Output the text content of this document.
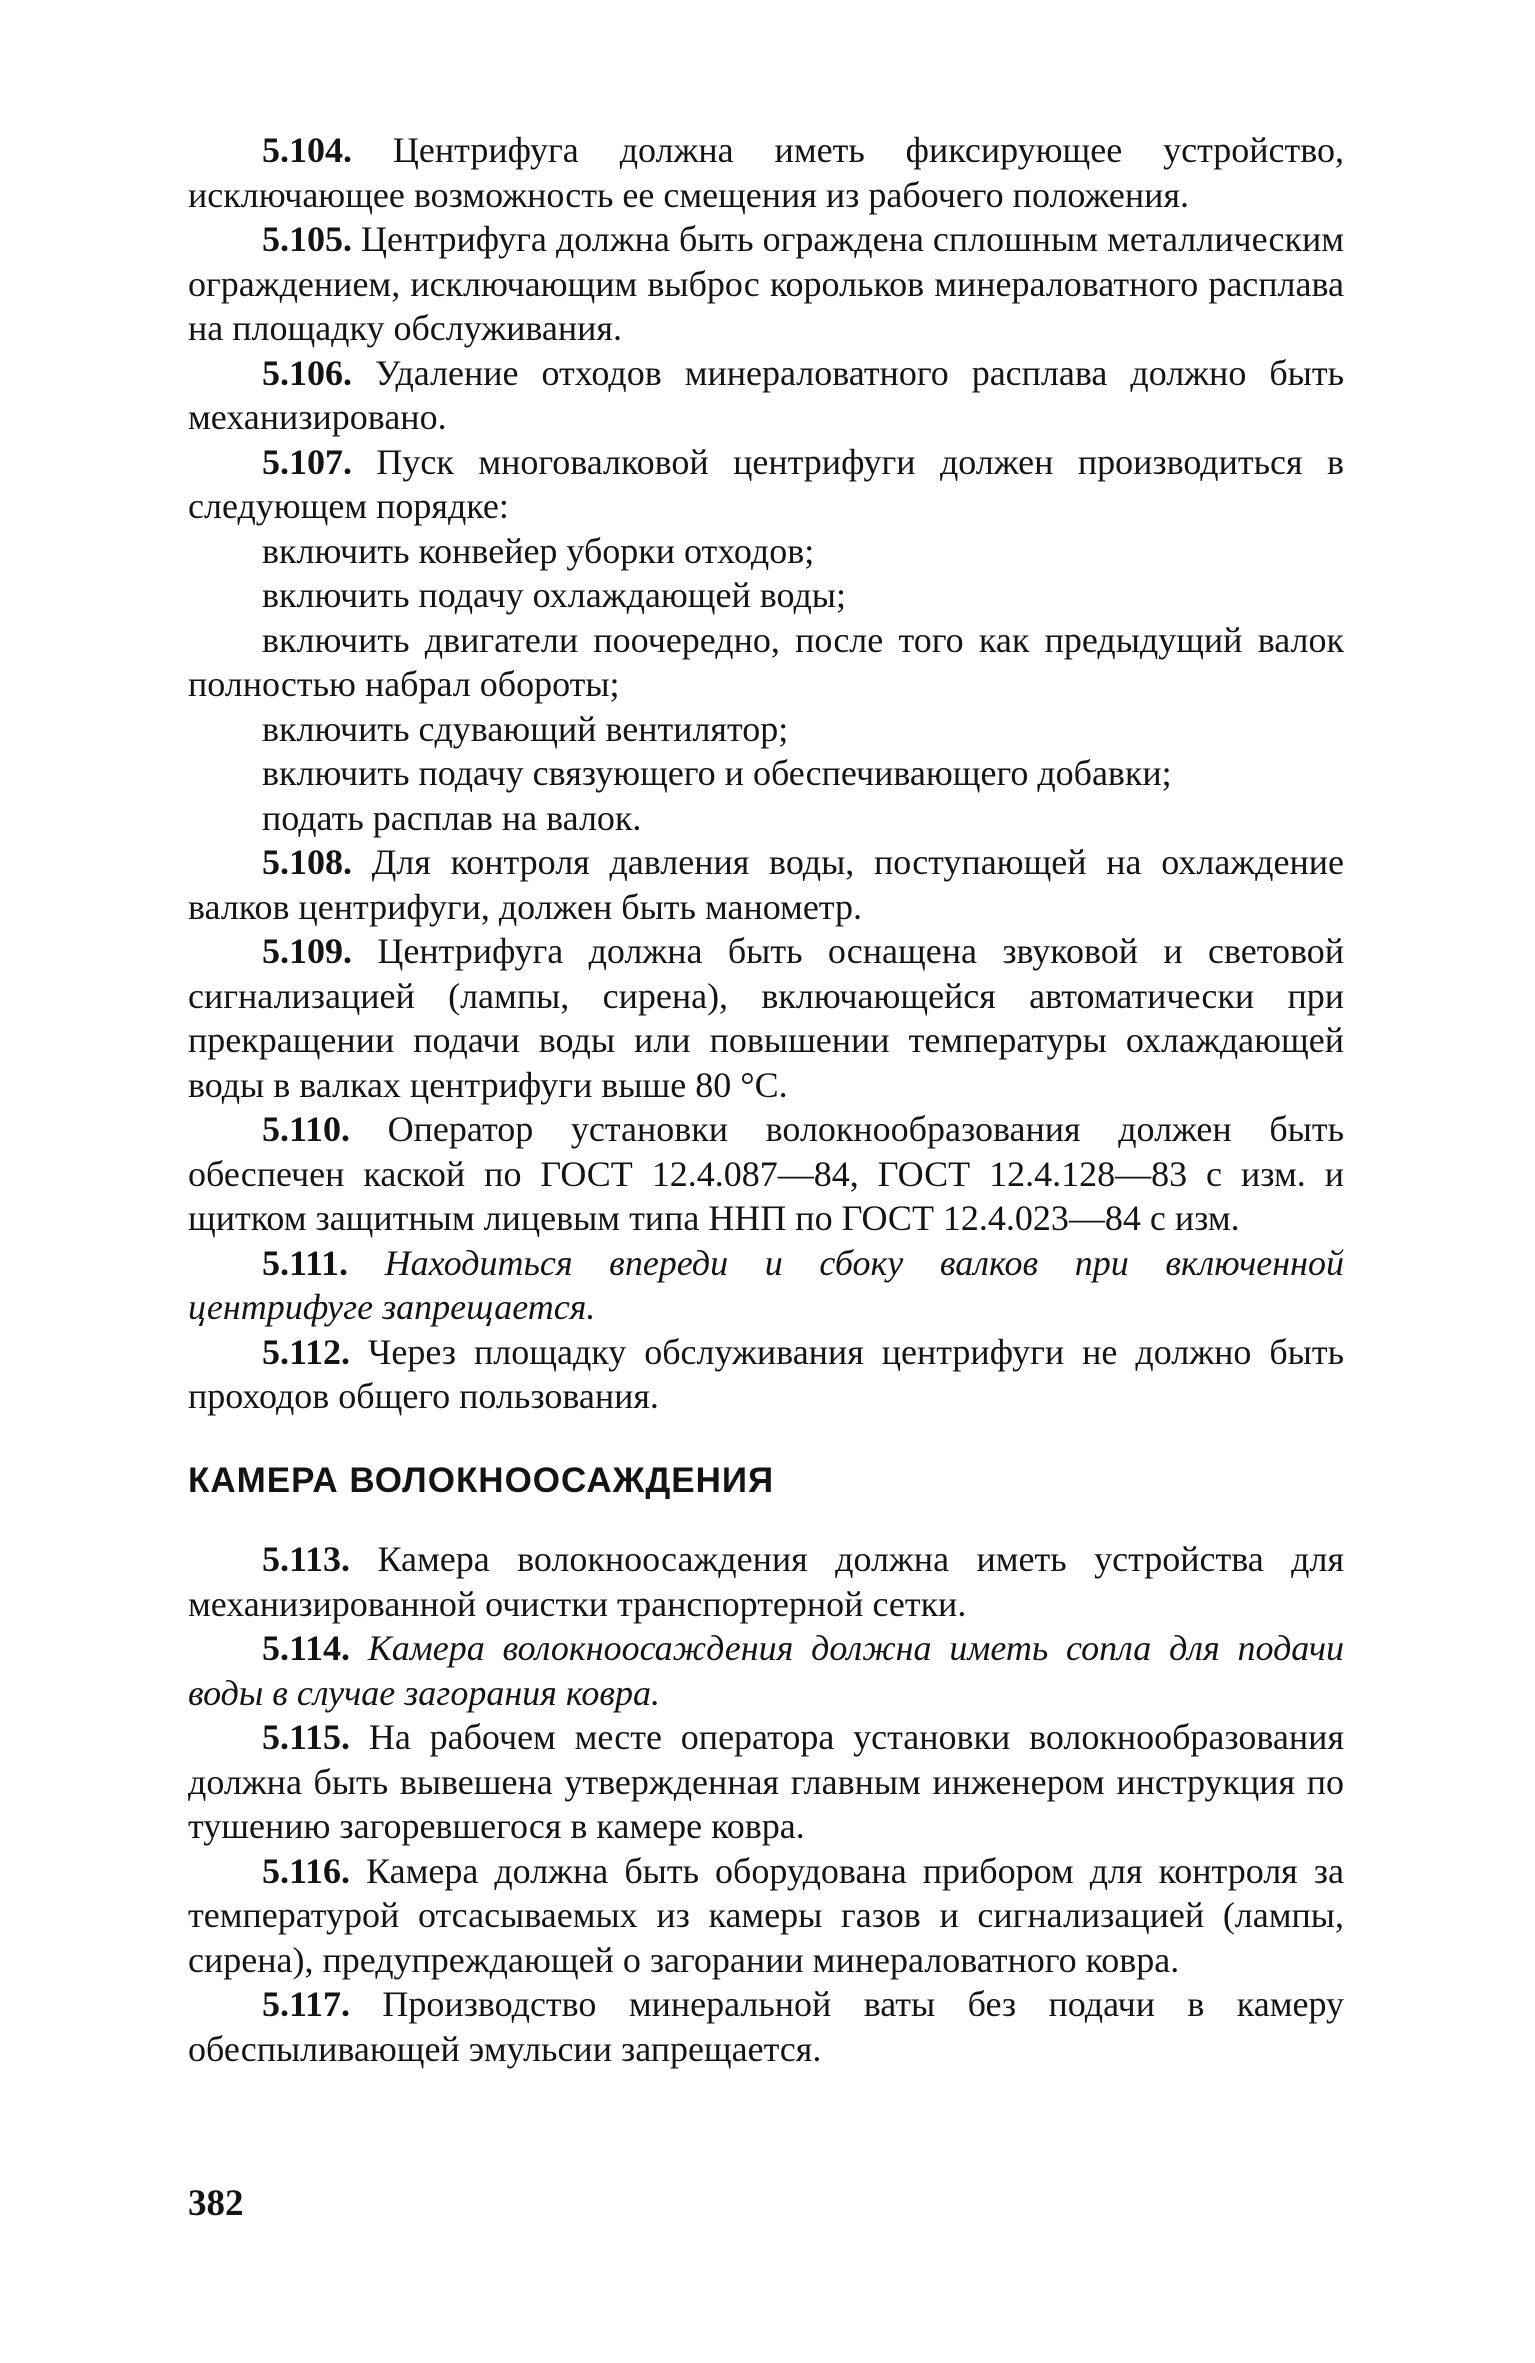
5.104. Центрифуга должна иметь фиксирующее устройство, исключающее возможность ее смещения из рабочего положения.

5.105. Центрифуга должна быть ограждена сплошным металлическим ограждением, исключающим выброс корольков минераловатного расплава на площадку обслуживания.

5.106. Удаление отходов минераловатного расплава должно быть механизировано.

5.107. Пуск многовалковой центрифуги должен производиться в следующем порядке:

включить конвейер уборки отходов;

включить подачу охлаждающей воды;

включить двигатели поочередно, после того как предыдущий валок полностью набрал обороты;

включить сдувающий вентилятор;

включить подачу связующего и обеспечивающего добавки;

подать расплав на валок.

5.108. Для контроля давления воды, поступающей на охлаждение валков центрифуги, должен быть манометр.

5.109. Центрифуга должна быть оснащена звуковой и световой сигнализацией (лампы, сирена), включающейся автоматически при прекращении подачи воды или повышении температуры охлаждающей воды в валках центрифуги выше 80 °С.

5.110. Оператор установки волокнообразования должен быть обеспечен каской по ГОСТ 12.4.087—84, ГОСТ 12.4.128—83 с изм. и щитком защитным лицевым типа ННП по ГОСТ 12.4.023—84 с изм.

5.111. Находиться впереди и сбоку валков при включенной центрифуге запрещается.

5.112. Через площадку обслуживания центрифуги не должно быть проходов общего пользования.

КАМЕРА ВОЛОКНООСАЖДЕНИЯ

5.113. Камера волокноосаждения должна иметь устройства для механизированной очистки транспортерной сетки.

5.114. Камера волокноосаждения должна иметь сопла для подачи воды в случае загорания ковра.

5.115. На рабочем месте оператора установки волокнообразования должна быть вывешена утвержденная главным инженером инструкция по тушению загоревшегося в камере ковра.

5.116. Камера должна быть оборудована прибором для контроля за температурой отсасываемых из камеры газов и сигнализацией (лампы, сирена), предупреждающей о загорании минераловатного ковра.

5.117. Производство минеральной ваты без подачи в камеру обеспыливающей эмульсии запрещается.

382
